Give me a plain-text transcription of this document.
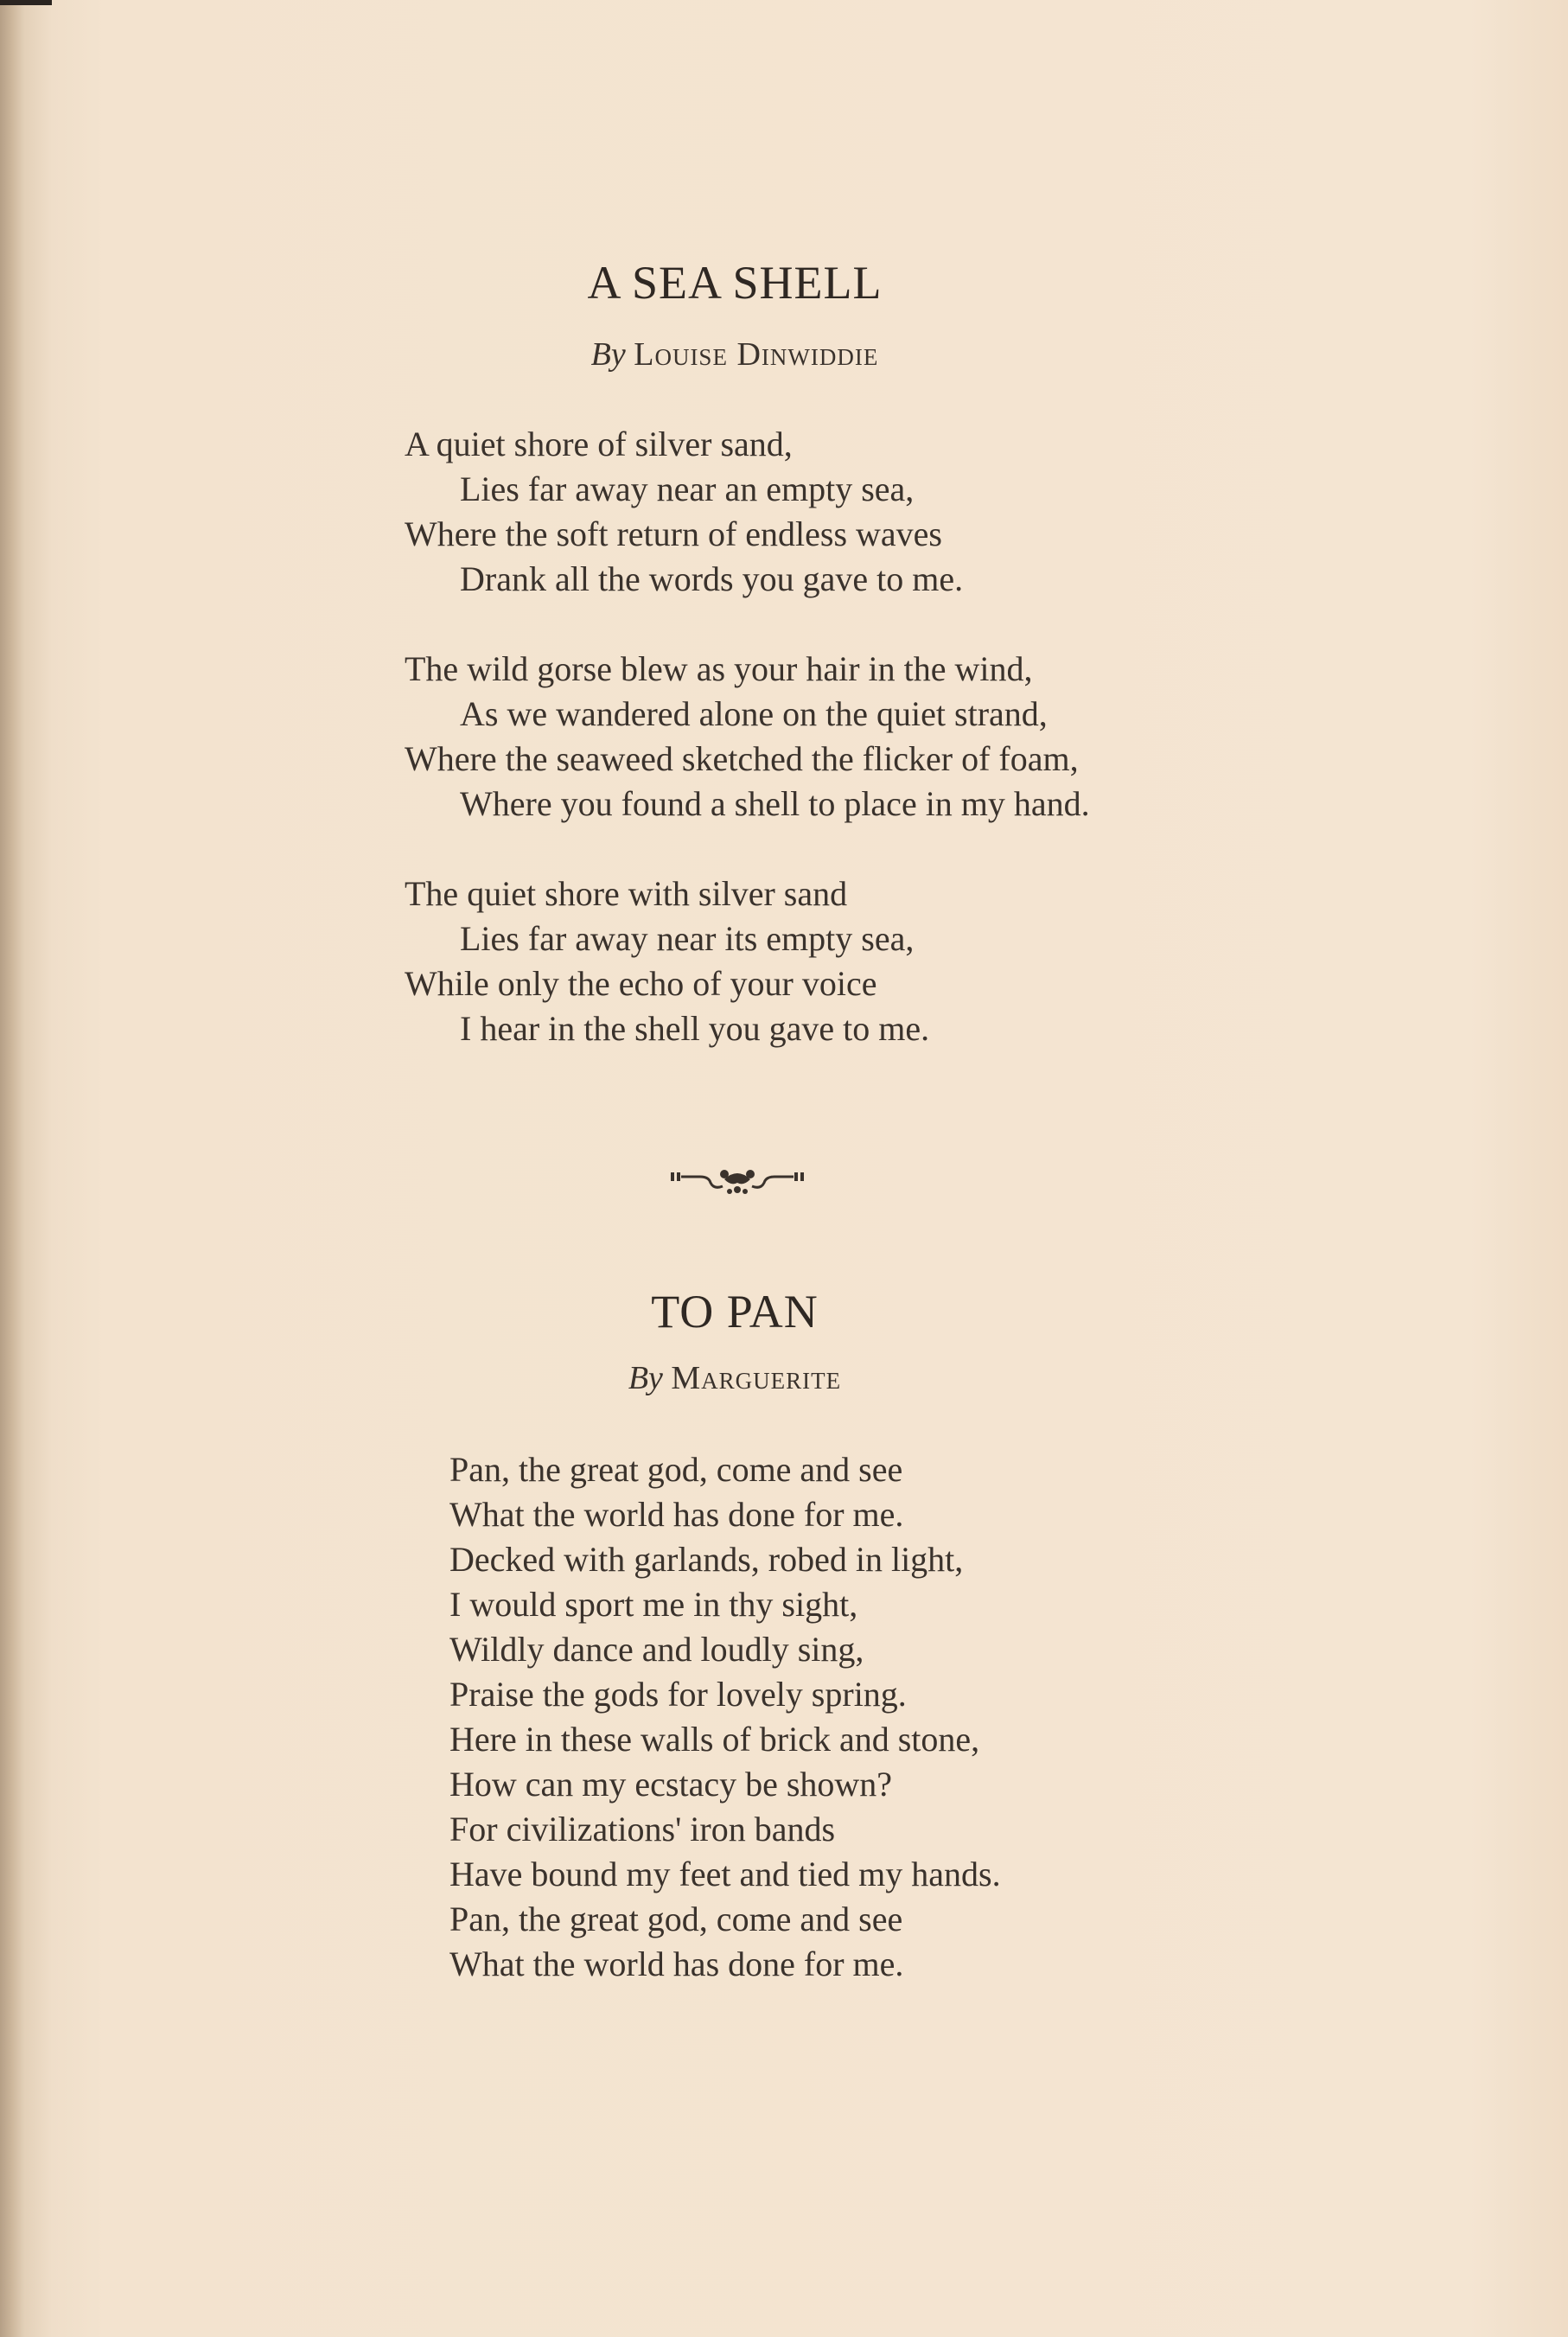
A SEA SHELL
By Louise Dinwiddie
A quiet shore of silver sand,
Lies far away near an empty sea,
Where the soft return of endless waves
Drank all the words you gave to me.
The wild gorse blew as your hair in the wind,
As we wandered alone on the quiet strand,
Where the seaweed sketched the flicker of foam,
Where you found a shell to place in my hand.
The quiet shore with silver sand
Lies far away near its empty sea,
While only the echo of your voice
I hear in the shell you gave to me.
TO PAN
By Marguerite
Pan, the great god, come and see
What the world has done for me.
Decked with garlands, robed in light,
I would sport me in thy sight,
Wildly dance and loudly sing,
Praise the gods for lovely spring.
Here in these walls of brick and stone,
How can my ecstacy be shown?
For civilizations' iron bands
Have bound my feet and tied my hands.
Pan, the great god, come and see
What the world has done for me.
